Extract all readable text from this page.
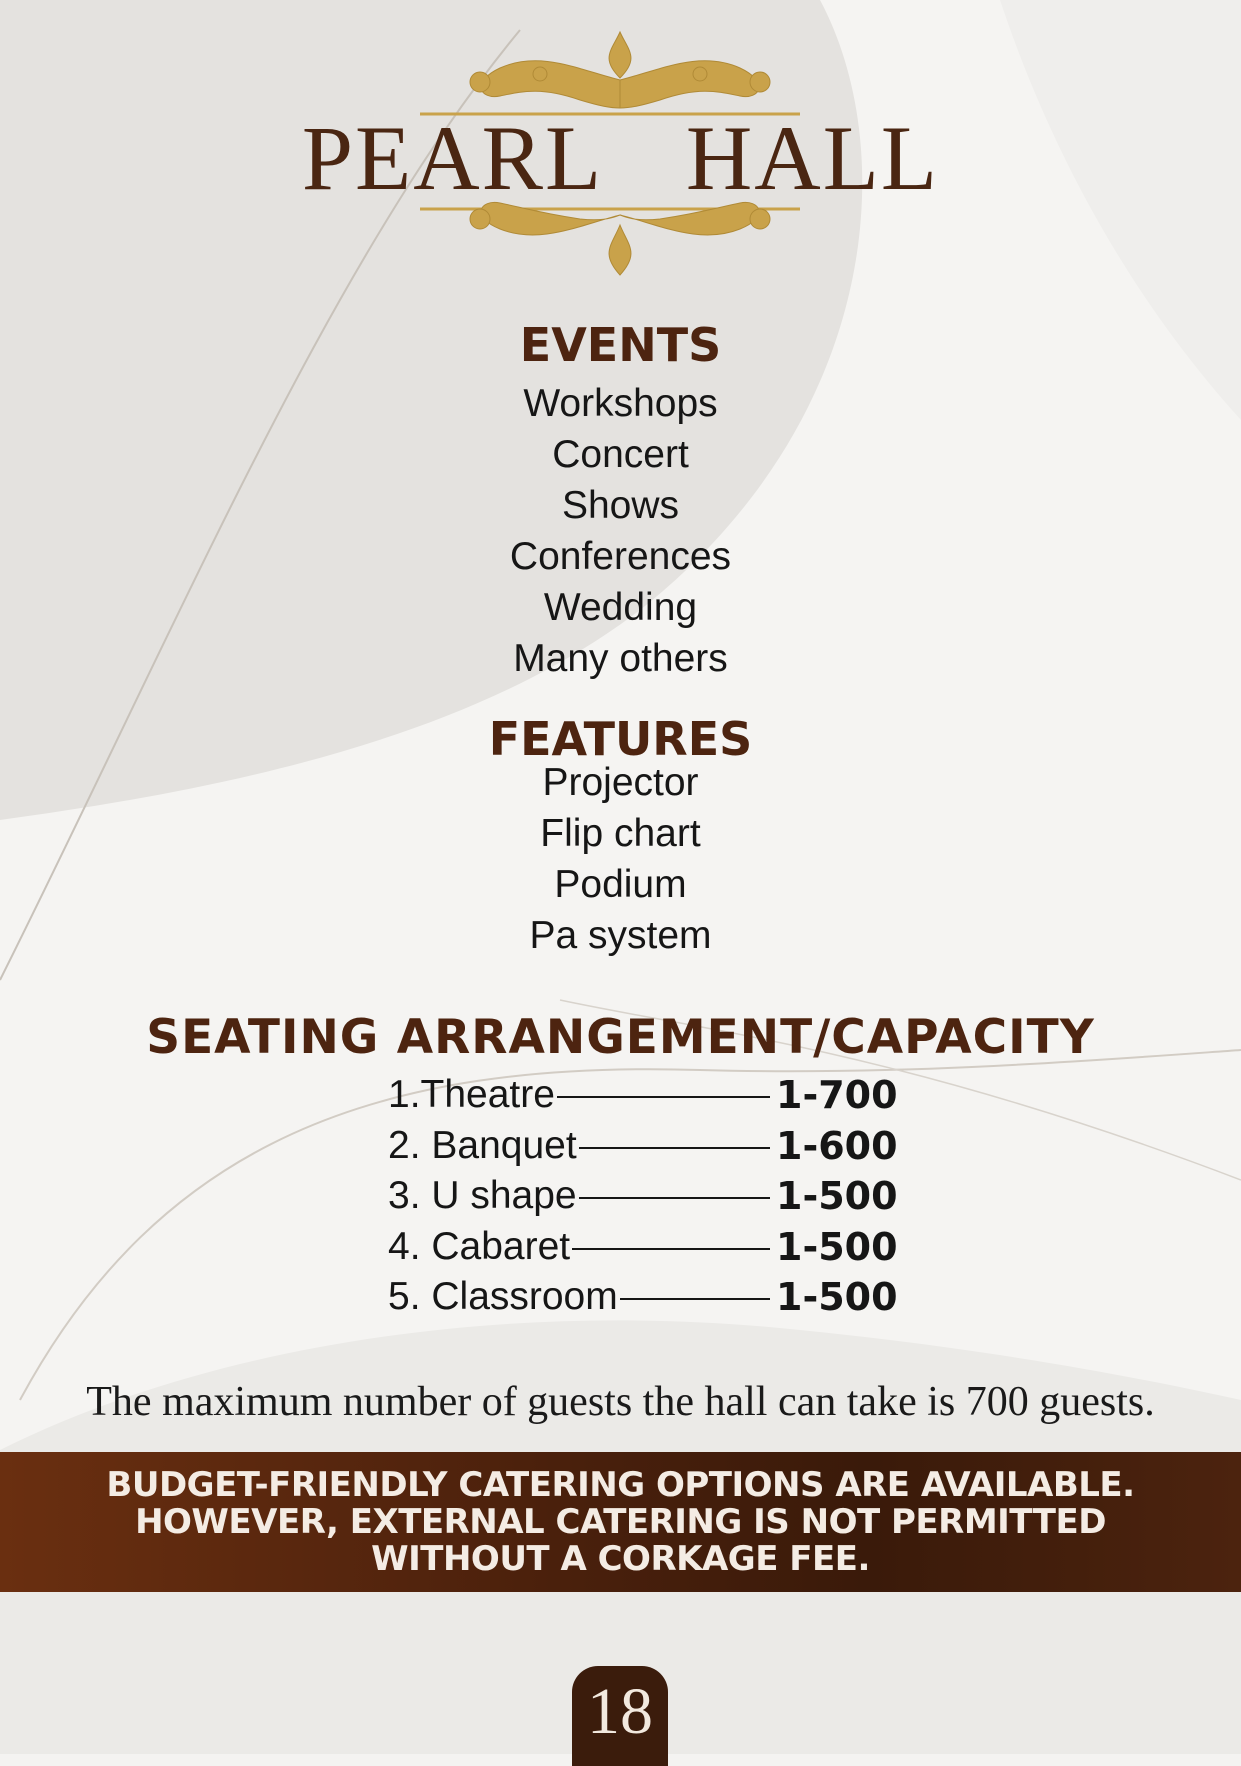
PEARL  HALL
EVENTS
Workshops
Concert
Shows
Conferences
Wedding
Many others
FEATURES
Projector
Flip chart
Podium
Pa system
SEATING ARRANGEMENT/CAPACITY
1.Theatre	1-700
2. Banquet	1-600
3. U shape	1-500
4. Cabaret	1-500
5. Classroom	1-500
The maximum number of guests the hall can take is 700 guests.
BUDGET-FRIENDLY CATERING OPTIONS ARE AVAILABLE.
HOWEVER, EXTERNAL CATERING IS NOT PERMITTED
WITHOUT A CORKAGE FEE.
18
